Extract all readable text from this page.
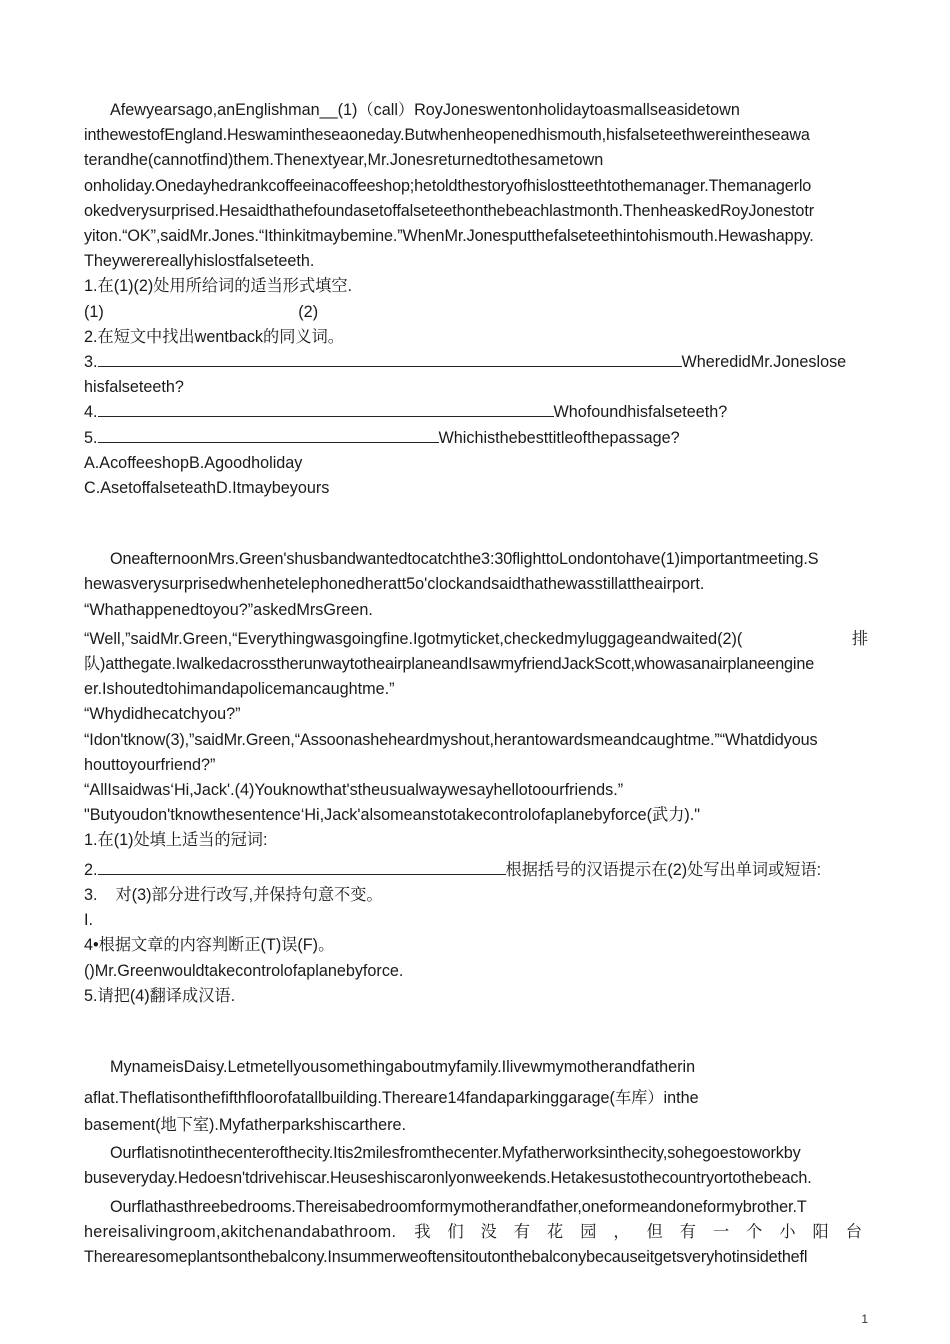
Afewyearsago,anEnglishman__(1)（call）RoyJoneswentonholidaytoasmallseasidetown
inthewestofEngland.Heswamintheseaoneday.Butwhenheopenedhismouth,hisfalseteethwereintheseawa
terandhe(cannotfind)them.Thenextyear,Mr.Jonesreturnedtothesametown
onholiday.Onedayhedrankcoffeeinacoffeeshop;hetoldthestoryofhislostteethtothemanager.Themanagerlo
okedverysurprised.Hesaidthathefoundasetoffalseteethonthebeachlastmonth.ThenheaskedRoyJonestotr
yiton.“OK”,saidMr.Jones.“Ithinkitmaybemine.”WhenMr.Jonesputthefalseteethintohismouth.Hewashappy.
Theywerereallyhislostfalseteeth.
1.在(1)(2)处用所给词的适当形式填空.
(1)	(2)
2.在短文中找出wentback的同义词。
3.	WheredidMr.Joneslose
hisfalseteeth?
4.	Whofoundhisfalseteeth?
5.	Whichisthebesttitleofthepassage?
A.AcoffeeshopB.Agoodholiday
C.AsetoffalseteathD.Itmaybeyours
OneafternoonMrs.Green'shusbandwantedtocatchthe3:30flighttoLondontohave(1)importantmeeting.S
hewasverysurprisedwhenhetelephonedheratt5o'clockandsaidthathewasstillattheairport.
“Whathappenedtoyou?”askedMrsGreen.
“Well,”saidMr.Green,“Everythingwasgoingfine.Igotmyticket,checkedmyluggageandwaited(2)(	排
队)atthegate.IwalkedacrosstherunwaytotheairplaneandIsawmyfriendJackScott,whowasanairplaneengine
er.Ishoutedtohimandapolicemancaughtme.”
“Whydidhecatchyou?”
“Idon'tknow(3),”saidMr.Green,“Assoonasheheardmyshout,herantowardsmeandcaughtme.”“Whatdidyous
houttoyourfriend?”
“AllIsaidwas‘Hi,Jack'.(4)Youknowthat'stheusualwaywesayhellotoourfriends.”
"Butyoudon'tknowthesentence‘Hi,Jack'alsomeanstotakecontrolofaplanebyforce(武力)."
1.在(1)处填上适当的冠词:
2.	根据括号的汉语提示在(2)处写出单词或短语:
3.    对(3)部分进行改写,并保持句意不变。
I.
4•根据文章的内容判断正(T)误(F)。
()Mr.Greenwouldtakecontrolofaplanebyforce.
5.请把(4)翻译成汉语.
MynameisDaisy.Letmetellyousomethingaboutmyfamily.Ilivewmymotherandfatherin
aflat.Theflatisonthefifthfloorofatallbuilding.Thereare14fandaparkinggarage(车库）inthe
basement(地下室).Myfatherparkshiscarthere.
Ourflatisnotinthecenterofthecity.Itis2milesfromthecenter.Myfatherworksinthecity,sohegoestoworkby
buseveryday.Hedoesn'tdrivehiscar.Heuseshiscaronlyonweekends.Hetakesustothecountryortothebeach.
Ourflathasthreebedrooms.Thereisabedroomformymotherandfather,oneformeandoneformybrother.T
hereisalivingroom,akitchenandabathroom. 我 们 没 有 花 园 ， 但 有 一 个 小 阳 台
Therearesomeplantsonthebalcony.Insummerweoftensitoutonthebalconybecauseitgetsveryhotinsidethefl
1
